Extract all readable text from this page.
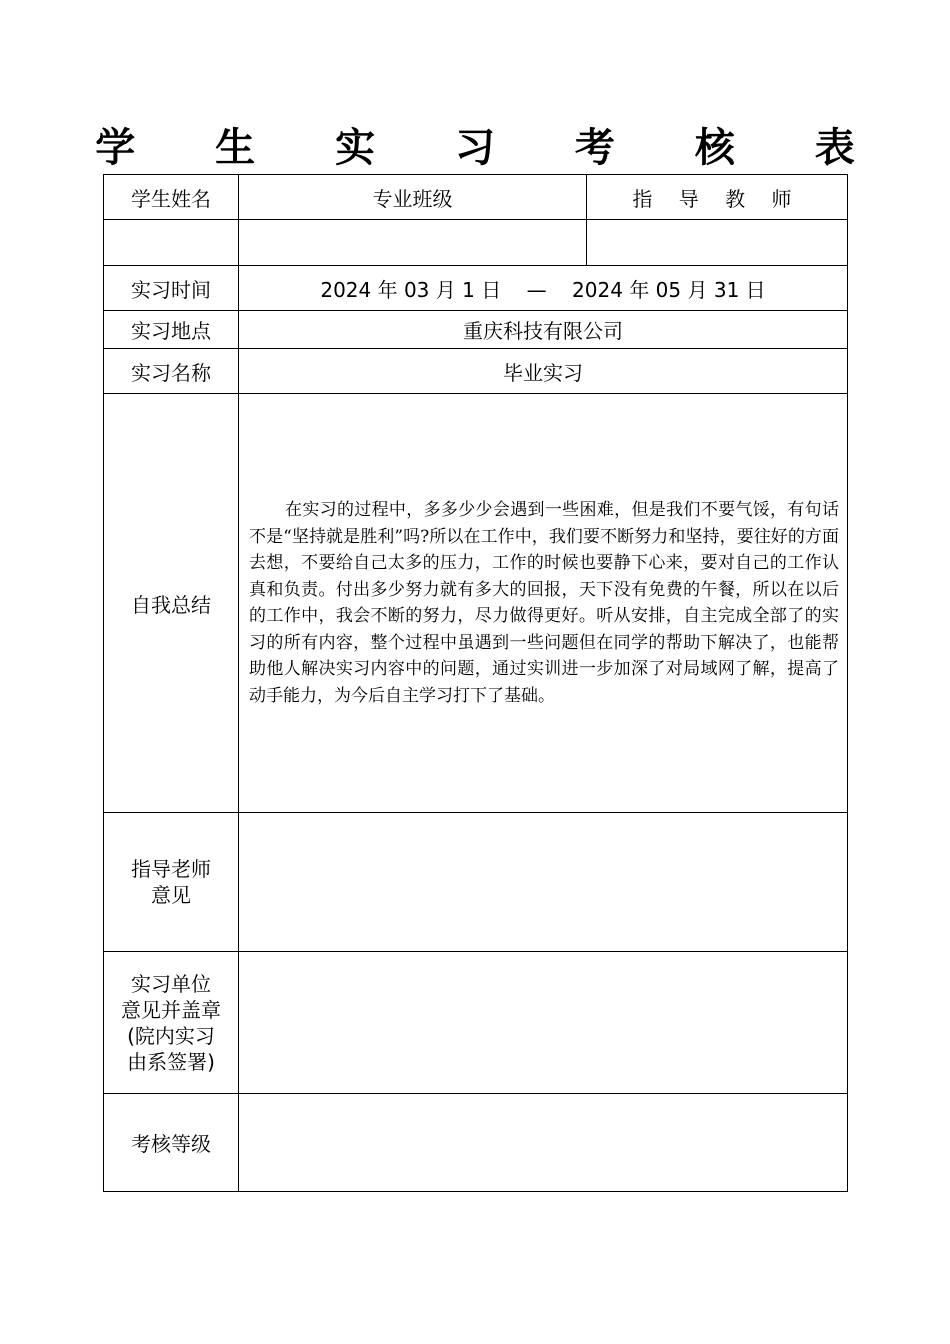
学 生 实 习 考 核 表
学生姓名	专业班级	指 导 教 师

实习时间	2024 年 03 月 1 日    —    2024 年 05 月 31 日	
实习地点	重庆科技有限公司	
实习名称	毕业实习	
自我总结	在实习的过程中，多多少少会遇到一些困难，但是我们不要气馁，有句话不是“坚持就是胜利”吗?所以在工作中，我们要不断努力和坚持，要往好的方面去想，不要给自己太多的压力，工作的时候也要静下心来，要对自己的工作认真和负责。付出多少努力就有多大的回报，天下没有免费的午餐，所以在以后的工作中，我会不断的努力，尽力做得更好。听从安排，自主完成全部了的实习的所有内容，整个过程中虽遇到一些问题但在同学的帮助下解决了，也能帮助他人解决实习内容中的问题，通过实训进一步加深了对局域网了解，提高了动手能力，为今后自主学习打下了基础。	

指导老师
意见		

实习单位
意见并盖章
(院内实习
由系签署)		

考核等级		
